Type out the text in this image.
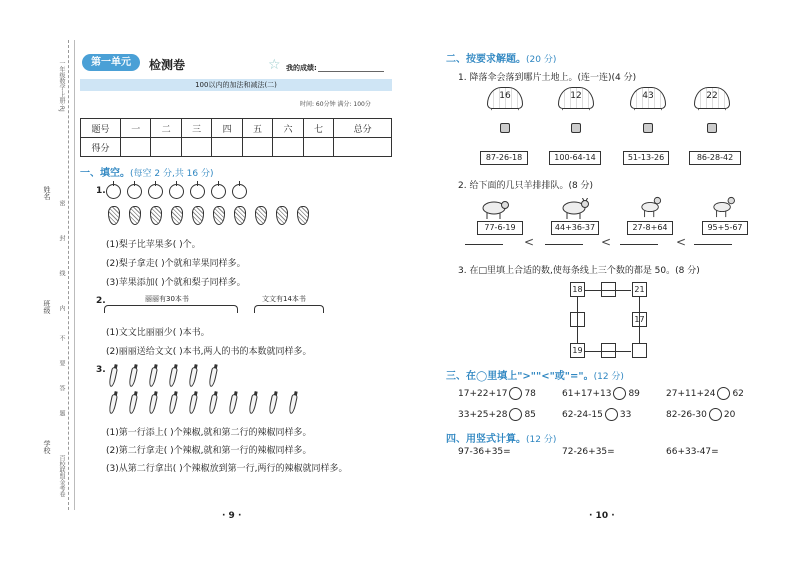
一年级数学·上册·RJ
姓名
班级
学校
密
封
线
内
不
要
答
题
百校联盟金考卷
第一单元	检测卷	☆ 我的成绩:
100以内的加法和减法(二)
时间: 60分钟 满分: 100分
题号	一	二	三	四	五	六	七	总分
得分								
一、填空。(每空 2 分,共 16 分)
1.
(1)梨子比苹果多( )个。
(2)梨子拿走( )个就和苹果同样多。
(3)苹果添加( )个就和梨子同样多。
2.	丽丽有30本书	文文有14本书
(1)文文比丽丽少( )本书。
(2)丽丽送给文文( )本书,两人的书的本数就同样多。
3.
(1)第一行添上( )个辣椒,就和第二行的辣椒同样多。
(2)第二行拿走( )个辣椒,就和第一行的辣椒同样多。
(3)从第二行拿出( )个辣椒放到第一行,两行的辣椒就同样多。
· 9 ·	· 10 ·
二、按要求解题。(20 分)
1. 降落伞会落到哪片土地上。(连一连)(4 分)
16	12	43	22
87-26-18	100-64-14	51-13-26	86-28-42
2. 给下面的几只羊排排队。(8 分)
77-6-19	44+36-37	27-8+64	95+5-67
<	<	<
3. 在□里填上合适的数,使每条线上三个数的都是 50。(8 分)
18	21
17
19
三、在◯里填上">""<"或"="。(12 分)
17+22+17 78	61+17+13 89	27+11+24 62
33+25+28 85	62-24-15 33	82-26-30 20
四、用竖式计算。(12 分)
97-36+35=	72-26+35=	66+33-47=
